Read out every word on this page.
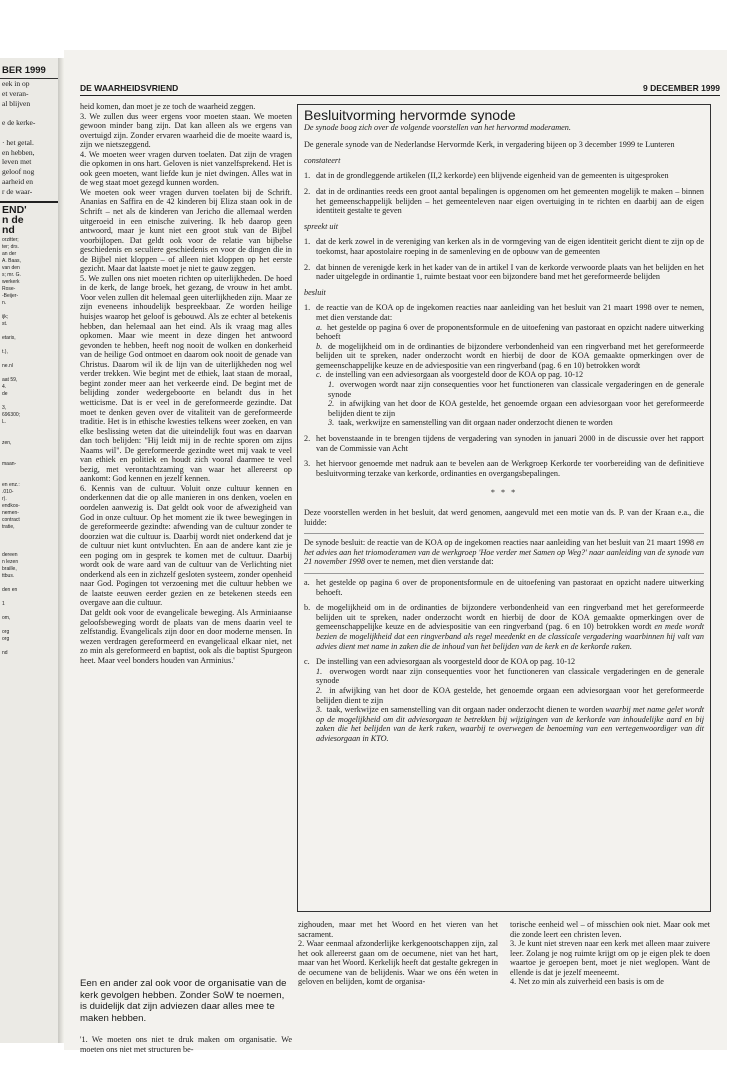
BER 1999
eek in op
et veran-
al blijven

e de kerke-

· het getal.
en hebben,
leven met
geloof nog
aarheid en
r de waar-

END'

n de

nd

orzitter;
ter; drs.
an der
A. Baas,
van den
s; mr. G.
werkerk
Rose-
-Beijer-
n.

ijk;
st.

etaris,

t.),

ne.nl

aat 59,
4.
de

3,
696300;
L.

zen,

maan-

en enz.:
.010-
r).
endkos-
nemen-
contract
tratie,

dereen
n lezen
braille,
ttbus.

den en

1

om,

org
org

nd
DE WAARHEIDSVRIEND	9 DECEMBER 1999

heid komen, dan moet je ze toch de waarheid zeggen.

3. We zullen dus weer ergens voor moeten staan. We moeten gewoon minder bang zijn. Dat kan alleen als we ergens van overtuigd zijn. Zonder ervaren waarheid die de moeite waard is, zijn we nietszeggend.

4. We moeten weer vragen durven toelaten. Dat zijn de vragen die opkomen in ons hart. Geloven is niet vanzelfsprekend. Het is ook geen moeten, want liefde kun je niet dwingen. Alles wat in de weg staat moet gezegd kunnen worden.

We moeten ook weer vragen durven toelaten bij de Schrift. Ananias en Saffira en de 42 kinderen bij Eliza staan ook in de Schrift – net als de kinderen van Jericho die allemaal werden uitgeroeid in een etnische zuivering. Ik heb daarop geen antwoord, maar je kunt niet een groot stuk van de Bijbel voorbijlopen. Dat geldt ook voor de relatie van bijbelse geschiedenis en seculiere geschiedenis en voor de dingen die in de Bijbel niet kloppen – of alleen niet kloppen op het eerste gezicht. Maar dat laatste moet je niet te gauw zeggen.

5. We zullen ons niet moeten richten op uiterlijkheden. De hoed in de kerk, de lange broek, het gezang, de vrouw in het ambt. Voor velen zullen dit helemaal geen uiterlijkheden zijn. Maar ze zijn eveneens inhoudelijk bespreekbaar. Ze worden heilige huisjes waarop het geloof is gebouwd. Als ze echter al betekenis hebben, dan helemaal aan het eind. Als ik vraag mag alles opkomen. Maar wie meent in deze dingen het antwoord gevonden te hebben, heeft nog nooit de wolken en donkerheid van de heilige God ontmoet en daarom ook nooit de genade van Christus. Daarom wil ik de lijn van de uiterlijkheden nog wel verder trekken. Wie begint met de ethiek, laat staan de moraal, begint zonder meer aan het verkeerde eind. De begint met de belijding zonder wedergeboorte en belandt dus in het wetticisme. Dat is er veel in de gereformeerde gezindte. Dat moet te denken geven over de vitaliteit van de gereformeerde traditie. Het is in ethische kwesties telkens weer zoeken, en van elke beslissing weten dat die uiteindelijk fout was en daarvan dan toch belijden: "Hij leidt mij in de rechte sporen om zijns Naams wil". De gereformeerde gezindte weet mij vaak te veel van ethiek en politiek en houdt zich vooral daarmee te veel bezig, met verontachtzaming van waar het allereerst op aankomt: God kennen en jezelf kennen.

6. Kennis van de cultuur. Voluit onze cultuur kennen en onderkennen dat die op alle manieren in ons denken, voelen en oordelen aanwezig is. Dat geldt ook voor de afwezigheid van God in onze cultuur. Op het moment zie ik twee bewegingen in de gereformeerde gezindte: afwending van de cultuur zonder te doorzien wat die cultuur is. Daarbij wordt niet onderkend dat je de cultuur niet kunt ontvluchten. En aan de andere kant zie je een poging om in gesprek te komen met de cultuur. Daarbij wordt ook de ware aard van de cultuur van de Verlichting niet onderkend als een in zichzelf gesloten systeem, zonder openheid naar God. Pogingen tot verzoening met die cultuur hebben we de laatste eeuwen eerder gezien en ze betekenen steeds een overgave aan die cultuur.

Dat geldt ook voor de evangelicale beweging. Als Arminiaanse geloofsbeweging wordt de plaats van de mens daarin veel te zelfstandig. Evangelicals zijn door en door moderne mensen. In wezen verdragen gereformeerd en evangelicaal elkaar niet, net zo min als gereformeerd en baptist, ook als die baptist Spurgeon heet. Maar veel bonders houden van Arminius.'

Een en ander zal ook voor de organisatie van de kerk gevolgen hebben. Zonder SoW te noemen, is duidelijk dat zijn adviezen daar alles mee te maken hebben.

'1. We moeten ons niet te druk maken om organisatie. We moeten ons niet met structuren be-

Besluitvorming hervormde synode

De synode boog zich over de volgende voorstellen van het hervormd moderamen.

De generale synode van de Nederlandse Hervormde Kerk, in vergadering bijeen op 3 december 1999 te Lunteren

constateert

1. dat in de grondleggende artikelen (II,2 kerkorde) een blijvende eigenheid van de gemeenten is uitgesproken
2. dat in de ordinanties reeds een groot aantal bepalingen is opgenomen om het gemeenten mogelijk te maken – binnen het gemeenschappelijk belijden – het gemeenteleven naar eigen overtuiging in te richten en daarbij aan de eigen identiteit gestalte te geven

spreekt uit

1. dat de kerk zowel in de vereniging van kerken als in de vormgeving van de eigen identiteit gericht dient te zijn op de toekomst, haar apostolaire roeping in de samenleving en de opbouw van de gemeenten
2. dat binnen de verenigde kerk in het kader van de in artikel I van de kerkorde verwoorde plaats van het belijden en het nader uitgelegde in ordinantie 1, ruimte bestaat voor een bijzondere band met het gereformeerde belijden

besluit

1. de reactie van de KOA op de ingekomen reacties naar aanleiding van het besluit van 21 maart 1998 over te nemen, met dien verstande dat:
a. het gestelde op pagina 6 over de proponentsformule en de uitoefening van pastoraat en opzicht nadere uitwerking behoeft
b. de mogelijkheid om in de ordinanties de bijzondere verbondenheid van een ringverband met het gereformeerde belijden uit te spreken, nader onderzocht wordt en hierbij de door de KOA gemaakte opmerkingen over de gemeenschappelijke keuze en de adviespositie van een ringverband (pag. 6 en 10) betrokken wordt
c. de instelling van een adviesorgaan als voorgesteld door de KOA op pag. 10-12
1. overwogen wordt naar zijn consequenties voor het functioneren van classicale vergaderingen en de generale synode
2. in afwijking van het door de KOA gestelde, het genoemde orgaan een adviesorgaan voor het gereformeerde belijden dient te zijn
3. taak, werkwijze en samenstelling van dit orgaan nader onderzocht dienen te worden
2. het bovenstaande in te brengen tijdens de vergadering van synoden in januari 2000 in de discussie over het rapport van de Commissie van Acht
3. het hiervoor genoemde met nadruk aan te bevelen aan de Werkgroep Kerkorde ter voorbereiding van de definitieve besluitvorming terzake van kerkorde, ordinanties en overgangsbepalingen.
* * *

Deze voorstellen werden in het besluit, dat werd genomen, aangevuld met een motie van ds. P. van der Kraan e.a., die luidde:

De synode besluit: de reactie van de KOA op de ingekomen reacties naar aanleiding van het besluit van 21 maart 1998 en het advies aan het triomoderamen van de werkgroep 'Hoe verder met Samen op Weg?' naar aanleiding van de synode van 21 november 1998 over te nemen, met dien verstande dat:

a. het gestelde op pagina 6 over de proponentsformule en de uitoefening van pastoraat en opzicht nadere uitwerking behoeft.
b. de mogelijkheid om in de ordinanties de bijzondere verbondenheid van een ringverband met het gereformeerde belijden uit te spreken, nader onderzocht wordt en hierbij de door de KOA gemaakte opmerkingen over de gemeenschappelijke keuze en de adviespositie van een ringverband (pag. 6 en 10) betrokken wordt en mede wordt bezien de mogelijkheid dat een ringverband als regel meedenkt en de classicale vergadering waarbinnen hij valt van advies dient met name in zaken die de inhoud van het belijden van de kerk en de kerkorde raken.
c. De instelling van een adviesorgaan als voorgesteld door de KOA op pag. 10-12
1. overwogen wordt naar zijn consequenties voor het functioneren van classicale vergaderingen en de generale synode
2. in afwijking van het door de KOA gestelde, het genoemde orgaan een adviesorgaan voor het gereformeerde belijden dient te zijn
3. taak, werkwijze en samenstelling van dit orgaan nader onderzocht dienen te worden waarbij met name gelet wordt op de mogelijkheid om dit adviesorgaan te betrekken bij wijzigingen van de kerkorde van inhoudelijke aard en bij zaken die het belijden van de kerk raken, waarbij te overwegen de benoeming van een vertegenwoordiger van dit adviesorgaan in KTO.

zighouden, maar met het Woord en het vieren van het sacrament.

2. Waar eenmaal afzonderlijke kerkgenootschappen zijn, zal het ook allereerst gaan om de oecumene, niet van het hart, maar van het Woord. Kerkelijk heeft dat gestalte gekregen in de oecumene van de belijdenis. Waar we ons één weten in geloven en belijden, komt de organisa-

torische eenheid wel – of misschien ook niet. Maar ook met die zonde leert een christen leven.

3. Je kunt niet streven naar een kerk met alleen maar zuivere leer. Zolang je nog ruimte krijgt om op je eigen plek te doen waartoe je geroepen bent, moet je niet weglopen. Want de ellende is dat je jezelf meeneemt.

4. Net zo min als zuiverheid een basis is om de
